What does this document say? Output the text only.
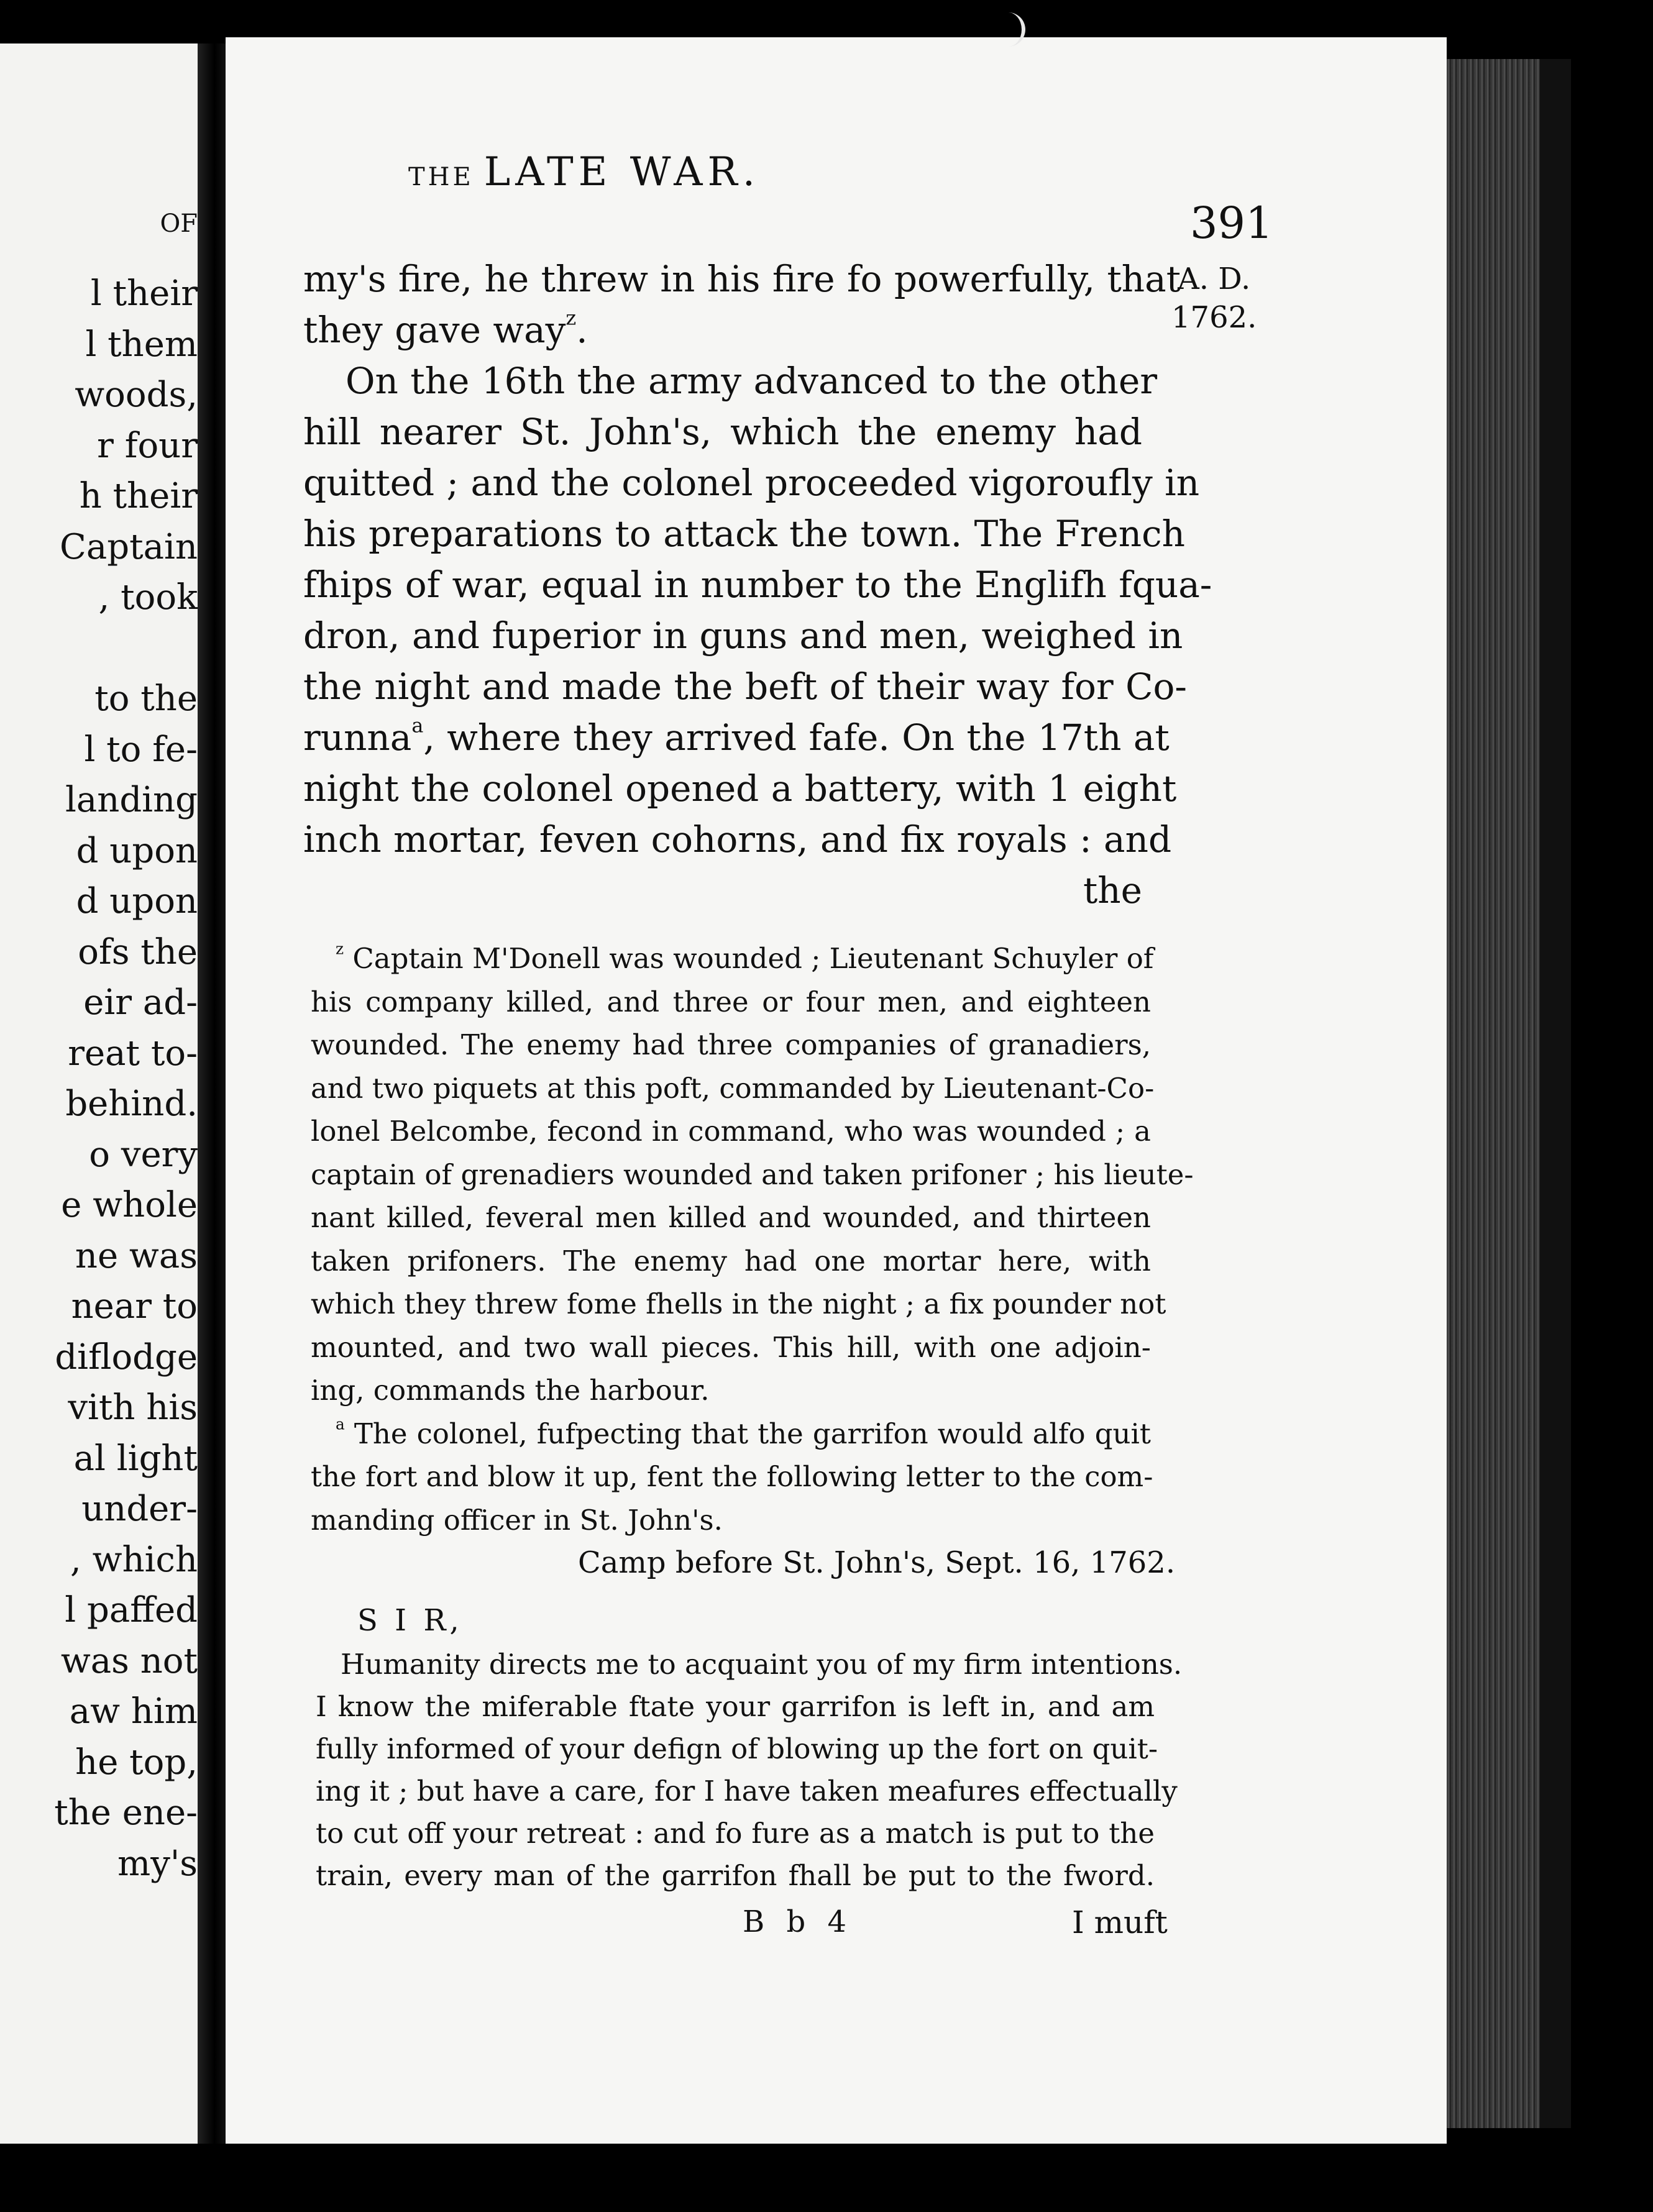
OF
l their
l them
woods,
r four
h their
Captain
, took
to the
l to fe-
landing
d upon
d upon
ofs the
eir ad-
reat to-
behind.
o very
e whole
ne was
near to
diflodge
vith his
al light
under-
, which
l paffed
was not
aw him
he top,
the ene-
my's
THE LATE WAR.
391
A. D.
1762.
my's fire, he threw in his fire fo powerfully, that
they gave way$^z$.
On the 16th the army advanced to the other
hill nearer St. John's, which the enemy had
quitted ; and the colonel proceeded vigoroufly in
his preparations to attack the town. The French
fhips of war, equal in number to the Englifh fqua-
dron, and fuperior in guns and men, weighed in
the night and made the beft of their way for Co-
runna$^a$, where they arrived fafe. On the 17th at
night the colonel opened a battery, with 1 eight
inch mortar, feven cohorns, and fix royals : and
the
$^z$ Captain M'Donell was wounded ; Lieutenant Schuyler of
his company killed, and three or four men, and eighteen
wounded. The enemy had three companies of granadiers,
and two piquets at this poft, commanded by Lieutenant-Co-
lonel Belcombe, fecond in command, who was wounded ; a
captain of grenadiers wounded and taken prifoner ; his lieute-
nant killed, feveral men killed and wounded, and thirteen
taken prifoners. The enemy had one mortar here, with
which they threw fome fhells in the night ; a fix pounder not
mounted, and two wall pieces. This hill, with one adjoin-
ing, commands the harbour.
$^a$ The colonel, fufpecting that the garrifon would alfo quit
the fort and blow it up, fent the following letter to the com-
manding officer in St. John's.
Camp before St. John's, Sept. 16, 1762.
S I R,
Humanity directs me to acquaint you of my firm intentions.
I know the miferable ftate your garrifon is left in, and am
fully informed of your defign of blowing up the fort on quit-
ing it ; but have a care, for I have taken meafures effectually
to cut off your retreat : and fo fure as a match is put to the
train, every man of the garrifon fhall be put to the fword.
B b 4	I muft
